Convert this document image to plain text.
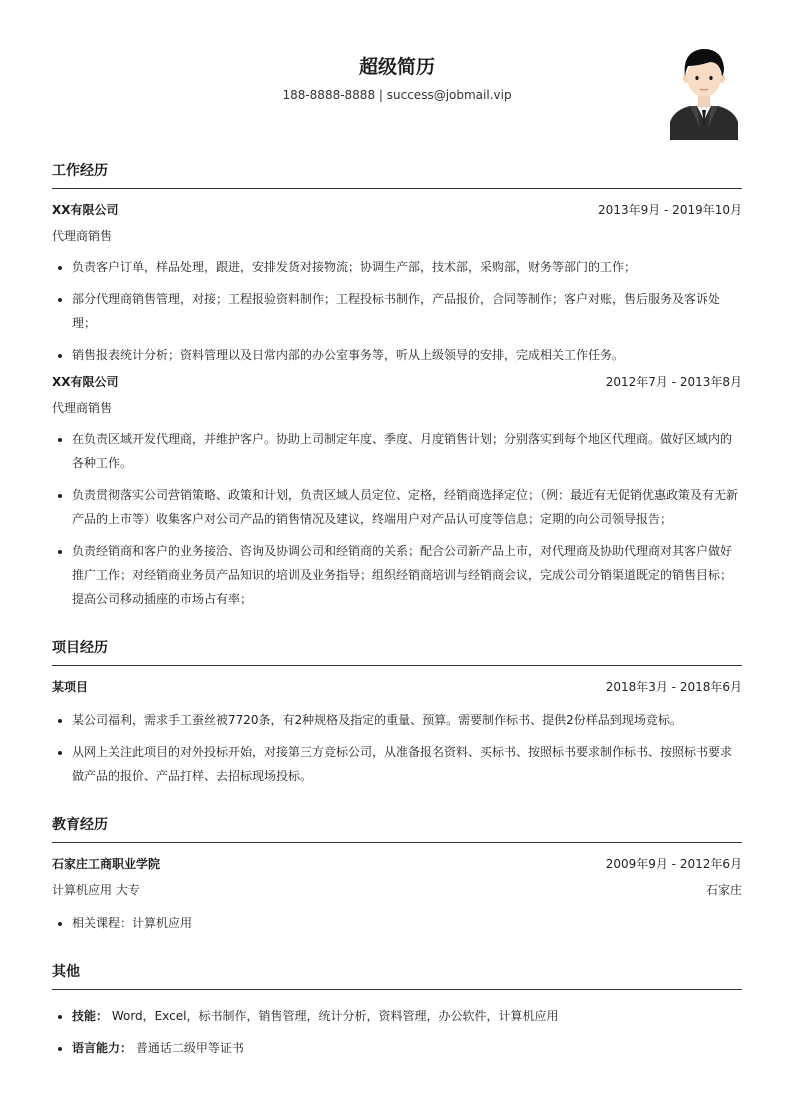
超级简历
188-8888-8888 | success@jobmail.vip
工作经历
XX有限公司	2013年9月 - 2019年10月
代理商销售
• 负责客户订单，样品处理，跟进，安排发货对接物流；协调生产部，技术部，采购部，财务等部门的工作；
• 部分代理商销售管理，对接；工程报验资料制作；工程投标书制作，产品报价，合同等制作；客户对账，售后服务及客诉处理；
• 销售报表统计分析；资料管理以及日常内部的办公室事务等，听从上级领导的安排，完成相关工作任务。
XX有限公司	2012年7月 - 2013年8月
代理商销售
• 在负责区域开发代理商，并维护客户。协助上司制定年度、季度、月度销售计划；分别落实到每个地区代理商。做好区域内的各种工作。
• 负责贯彻落实公司营销策略、政策和计划，负责区域人员定位、定格，经销商选择定位；（例：最近有无促销优惠政策及有无新产品的上市等）收集客户对公司产品的销售情况及建议，终端用户对产品认可度等信息；定期的向公司领导报告；
• 负责经销商和客户的业务接洽、咨询及协调公司和经销商的关系；配合公司新产品上市，对代理商及协助代理商对其客户做好推广工作；对经销商业务员产品知识的培训及业务指导；组织经销商培训与经销商会议，完成公司分销渠道既定的销售目标；提高公司移动插座的市场占有率；
项目经历
某项目	2018年3月 - 2018年6月
• 某公司福利，需求手工蚕丝被7720条，有2种规格及指定的重量、预算。需要制作标书、提供2份样品到现场竞标。
• 从网上关注此项目的对外投标开始，对接第三方竞标公司，从准备报名资料、买标书、按照标书要求制作标书、按照标书要求做产品的报价、产品打样、去招标现场投标。
教育经历
石家庄工商职业学院	2009年9月 - 2012年6月
计算机应用 大专	石家庄
• 相关课程：计算机应用
其他
• 技能： Word，Excel，标书制作，销售管理，统计分析，资料管理，办公软件，计算机应用
• 语言能力： 普通话二级甲等证书
